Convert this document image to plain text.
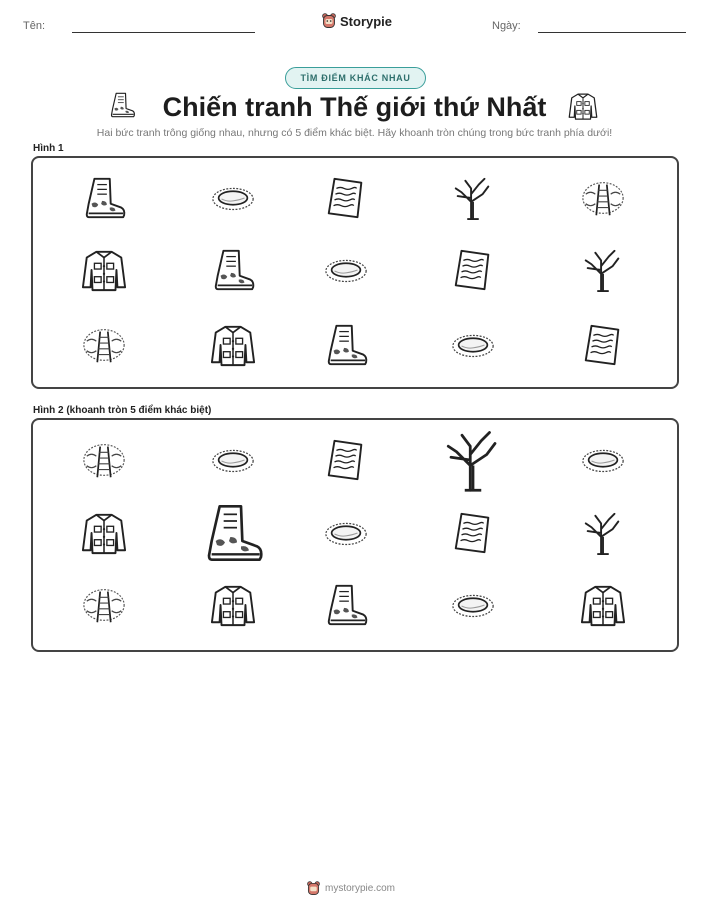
Tên:	Storypie	Ngày:
TÌM ĐIỂM KHÁC NHAU
Chiến tranh Thế giới thứ Nhất
Hai bức tranh trông giống nhau, nhưng có 5 điểm khác biệt. Hãy khoanh tròn chúng trong bức tranh phía dưới!
Hình 1
Hình 2 (khoanh tròn 5 điểm khác biệt)
mystorypie.com
